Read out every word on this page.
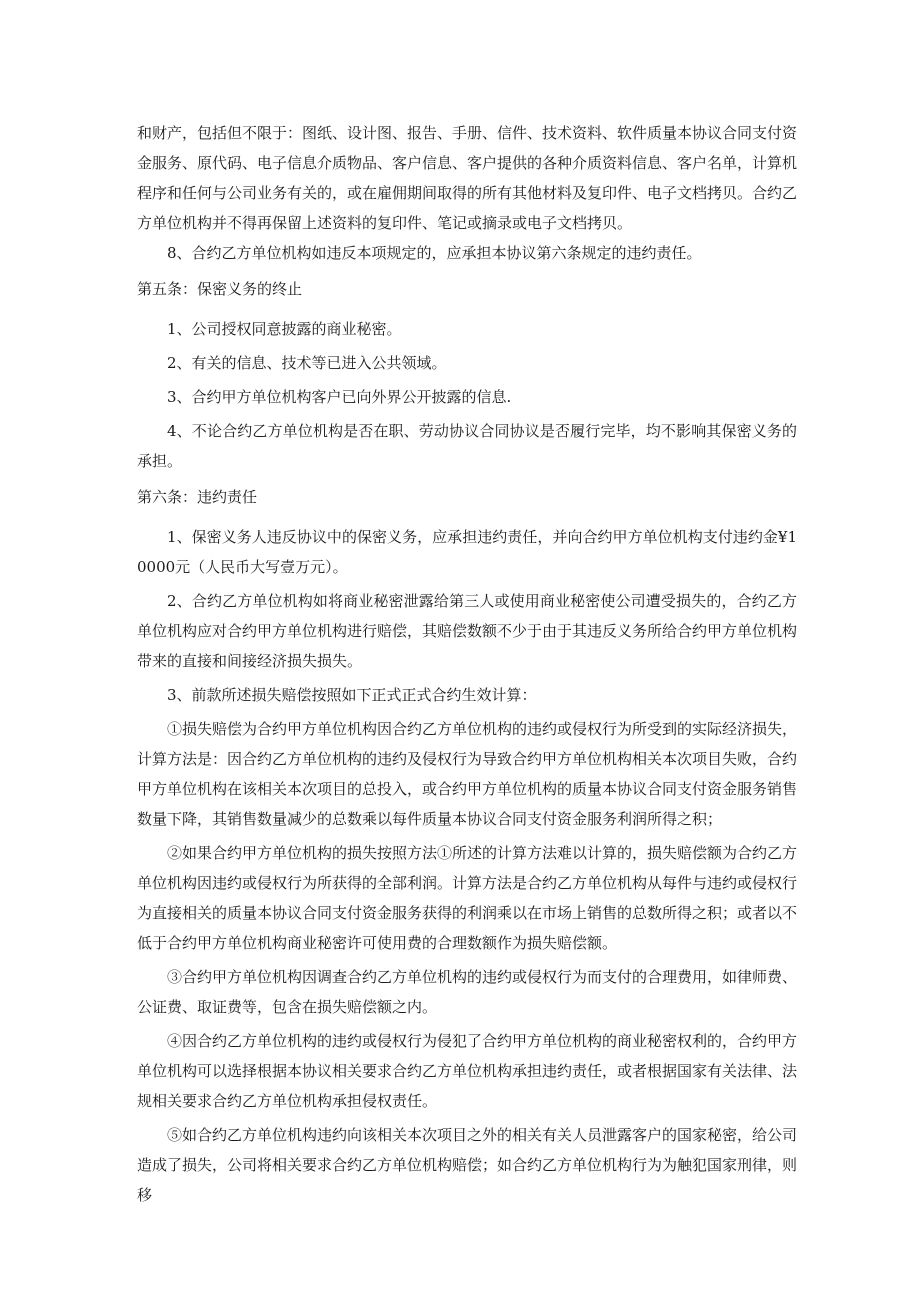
和财产，包括但不限于：图纸、设计图、报告、手册、信件、技术资料、软件质量本协议合同支付资金服务、原代码、电子信息介质物品、客户信息、客户提供的各种介质资料信息、客户名单，计算机程序和任何与公司业务有关的，或在雇佣期间取得的所有其他材料及复印件、电子文档拷贝。合约乙方单位机构并不得再保留上述资料的复印件、笔记或摘录或电子文档拷贝。

8、合约乙方单位机构如违反本项规定的，应承担本协议第六条规定的违约责任。

第五条：保密义务的终止

1、公司授权同意披露的商业秘密。

2、有关的信息、技术等已进入公共领域。

3、合约甲方单位机构客户已向外界公开披露的信息.

4、不论合约乙方单位机构是否在职、劳动协议合同协议是否履行完毕，均不影响其保密义务的承担。

第六条：违约责任

1、保密义务人违反协议中的保密义务，应承担违约责任，并向合约甲方单位机构支付违约金¥10000元（人民币大写壹万元）。

2、合约乙方单位机构如将商业秘密泄露给第三人或使用商业秘密使公司遭受损失的，合约乙方单位机构应对合约甲方单位机构进行赔偿，其赔偿数额不少于由于其违反义务所给合约甲方单位机构带来的直接和间接经济损失损失。

3、前款所述损失赔偿按照如下正式正式合约生效计算：

①损失赔偿为合约甲方单位机构因合约乙方单位机构的违约或侵权行为所受到的实际经济损失，计算方法是：因合约乙方单位机构的违约及侵权行为导致合约甲方单位机构相关本次项目失败，合约甲方单位机构在该相关本次项目的总投入，或合约甲方单位机构的质量本协议合同支付资金服务销售数量下降，其销售数量减少的总数乘以每件质量本协议合同支付资金服务利润所得之积；

②如果合约甲方单位机构的损失按照方法①所述的计算方法难以计算的，损失赔偿额为合约乙方单位机构因违约或侵权行为所获得的全部利润。计算方法是合约乙方单位机构从每件与违约或侵权行为直接相关的质量本协议合同支付资金服务获得的利润乘以在市场上销售的总数所得之积；或者以不低于合约甲方单位机构商业秘密许可使用费的合理数额作为损失赔偿额。

③合约甲方单位机构因调查合约乙方单位机构的违约或侵权行为而支付的合理费用，如律师费、公证费、取证费等，包含在损失赔偿额之内。

④因合约乙方单位机构的违约或侵权行为侵犯了合约甲方单位机构的商业秘密权利的，合约甲方单位机构可以选择根据本协议相关要求合约乙方单位机构承担违约责任，或者根据国家有关法律、法规相关要求合约乙方单位机构承担侵权责任。

⑤如合约乙方单位机构违约向该相关本次项目之外的相关有关人员泄露客户的国家秘密，给公司造成了损失，公司将相关要求合约乙方单位机构赔偿；如合约乙方单位机构行为为触犯国家刑律，则移
